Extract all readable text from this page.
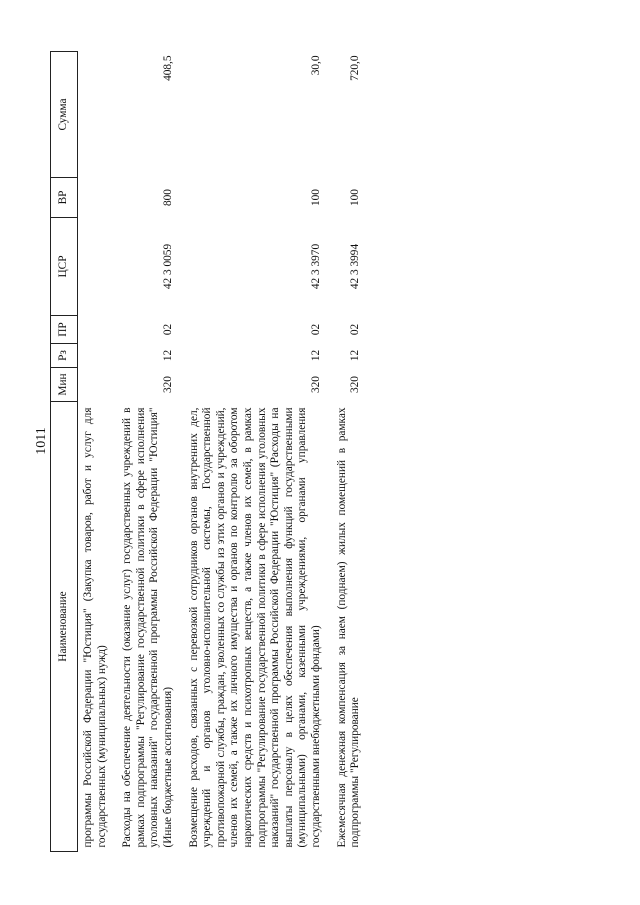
1011
Наименование	Мин	Рз	ПР	ЦСР	ВР	Сумма
программы Российской Федерации "Юстиция" (Закупка товаров, работ и услуг для государственных (муниципальных) нужд)						
Расходы на обеспечение деятельности (оказание услуг) государственных учреждений в рамках подпрограммы "Регулирование государственной политики в сфере исполнения уголовных наказаний" государственной программы Российской Федерации "Юстиция" (Иные бюджетные ассигнования)	320	12	02	42 3 0059	800	408,5
Возмещение расходов, связанных с перевозкой сотрудников органов внутренних дел, учреждений и органов уголовно-исполнительной системы, Государственной противопожарной службы, граждан, уволенных со службы из этих органов и учреждений, членов их семей, а также их личного имущества и органов по контролю за оборотом наркотических средств и психотропных веществ, а также членов их семей, в рамках подпрограммы "Регулирование государственной политики в сфере исполнения уголовных наказаний" государственной программы Российской Федерации "Юстиция" (Расходы на выплаты персоналу в целях обеспечения выполнения функций государственными (муниципальными) органами, казенными учреждениями, органами управления государственными внебюджетными фондами)	320	12	02	42 3 3970	100	30,0
Ежемесячная денежная компенсация за наем (поднаем) жилых помещений в рамках подпрограммы "Регулирование	320	12	02	42 3 3994	100	720,0
